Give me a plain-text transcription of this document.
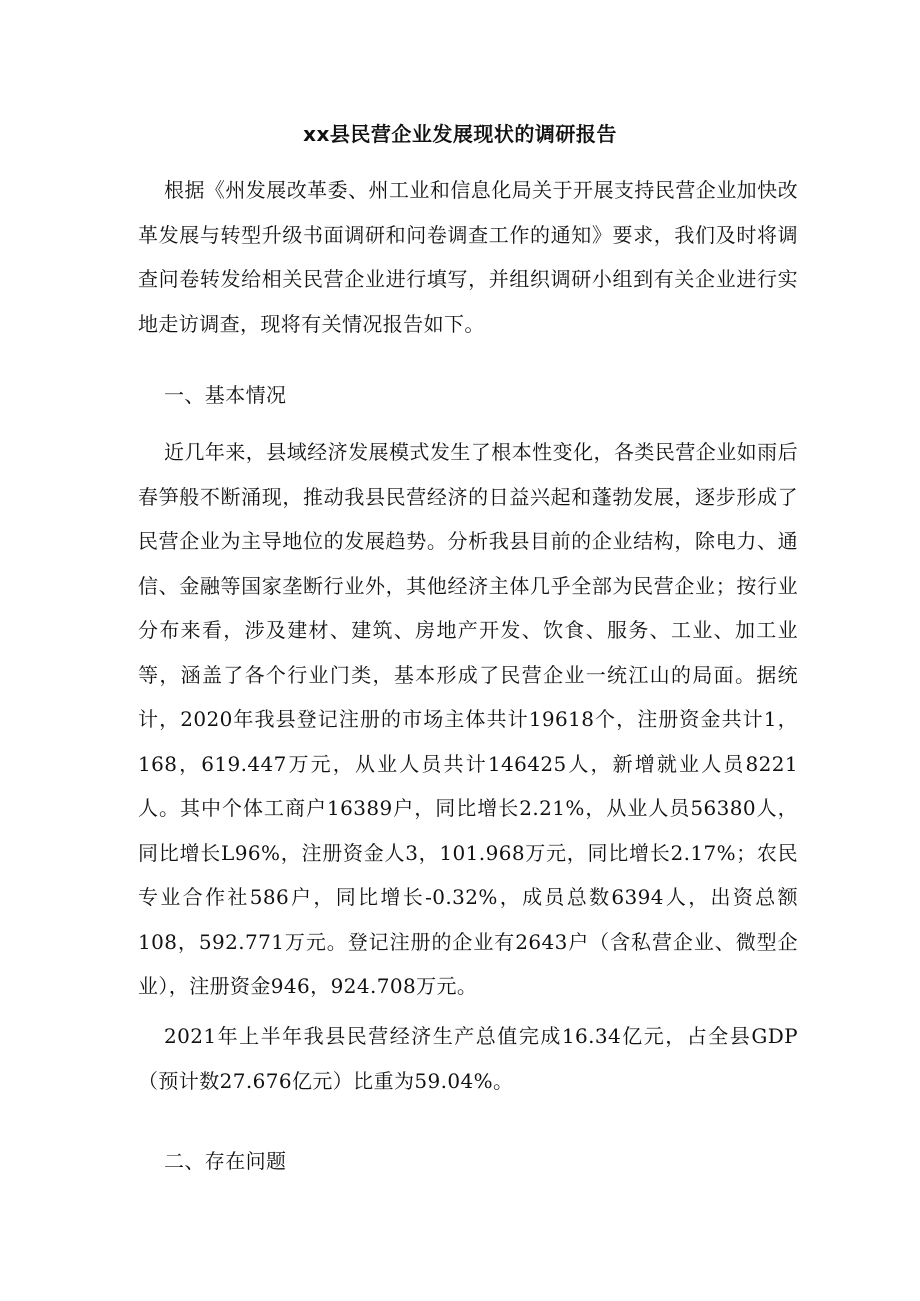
xx县民营企业发展现状的调研报告

根据《州发展改革委、州工业和信息化局关于开展支持民营企业加快改革发展与转型升级书面调研和问卷调查工作的通知》要求，我们及时将调查问卷转发给相关民营企业进行填写，并组织调研小组到有关企业进行实地走访调查，现将有关情况报告如下。

一、基本情况

近几年来，县域经济发展模式发生了根本性变化，各类民营企业如雨后春笋般不断涌现，推动我县民营经济的日益兴起和蓬勃发展，逐步形成了民营企业为主导地位的发展趋势。分析我县目前的企业结构，除电力、通信、金融等国家垄断行业外，其他经济主体几乎全部为民营企业；按行业分布来看，涉及建材、建筑、房地产开发、饮食、服务、工业、加工业等，涵盖了各个行业门类，基本形成了民营企业一统江山的局面。据统计，2020年我县登记注册的市场主体共计19618个，注册资金共计1，168，619.447万元，从业人员共计146425人，新增就业人员8221人。其中个体工商户16389户，同比增长2.21%，从业人员56380人，同比增长L96%，注册资金人3，101.968万元，同比增长2.17%；农民专业合作社586户，同比增长-0.32%，成员总数6394人，出资总额108，592.771万元。登记注册的企业有2643户（含私营企业、微型企业），注册资金946，924.708万元。

2021年上半年我县民营经济生产总值完成16.34亿元，占全县GDP（预计数27.676亿元）比重为59.04%。

二、存在问题
